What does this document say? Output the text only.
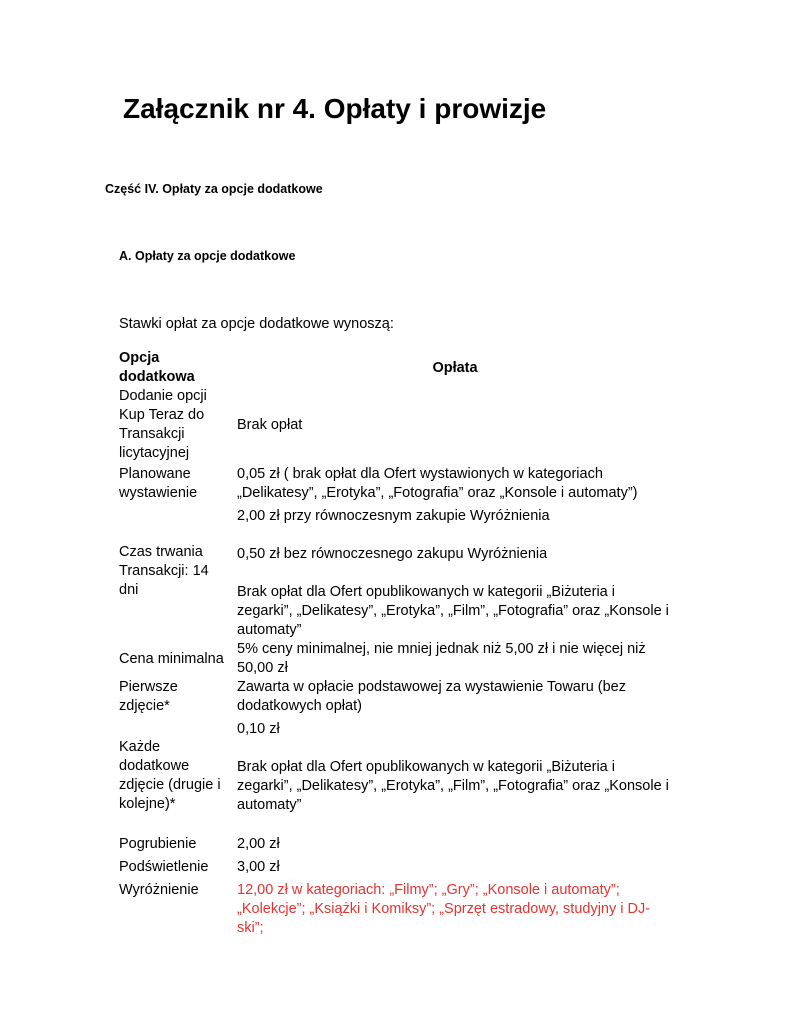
Załącznik nr 4. Opłaty i prowizje
Część IV. Opłaty za opcje dodatkowe
A. Opłaty za opcje dodatkowe

Stawki opłat za opcje dodatkowe wynoszą:

Opcja dodatkowa	Opłata
Dodanie opcji Kup Teraz do Transakcji licytacyjnej	Brak opłat

Planowane wystawienie	0,05 zł ( brak opłat dla Ofert wystawionych w kategoriach „Delikatesy”, „Erotyka”, „Fotografia” oraz „Konsole i automaty”)

Czas trwania Transakcji: 14 dni	2,00 zł przy równoczesnym zakupie Wyróżnienia

0,50 zł bez równoczesnego zakupu Wyróżnienia

Brak opłat dla Ofert opublikowanych w kategorii „Biżuteria i zegarki”, „Delikatesy”, „Erotyka”, „Film”, „Fotografia” oraz „Konsole i automaty”

Cena minimalna	5% ceny minimalnej, nie mniej jednak niż 5,00 zł i nie więcej niż 50,00 zł

Pierwsze zdjęcie*	Zawarta w opłacie podstawowej za wystawienie Towaru (bez dodatkowych opłat)

Każde dodatkowe zdjęcie (drugie i kolejne)*	0,10 zł

Brak opłat dla Ofert opublikowanych w kategorii „Biżuteria i zegarki”, „Delikatesy”, „Erotyka”, „Film”, „Fotografia” oraz „Konsole i automaty”

Pogrubienie	2,00 zł

Podświetlenie	3,00 zł

Wyróżnienie	12,00 zł w kategoriach: „Filmy”; „Gry”; „Konsole i automaty”; „Kolekcje”; „Książki i Komiksy”; „Sprzęt estradowy, studyjny i DJ-ski”;
